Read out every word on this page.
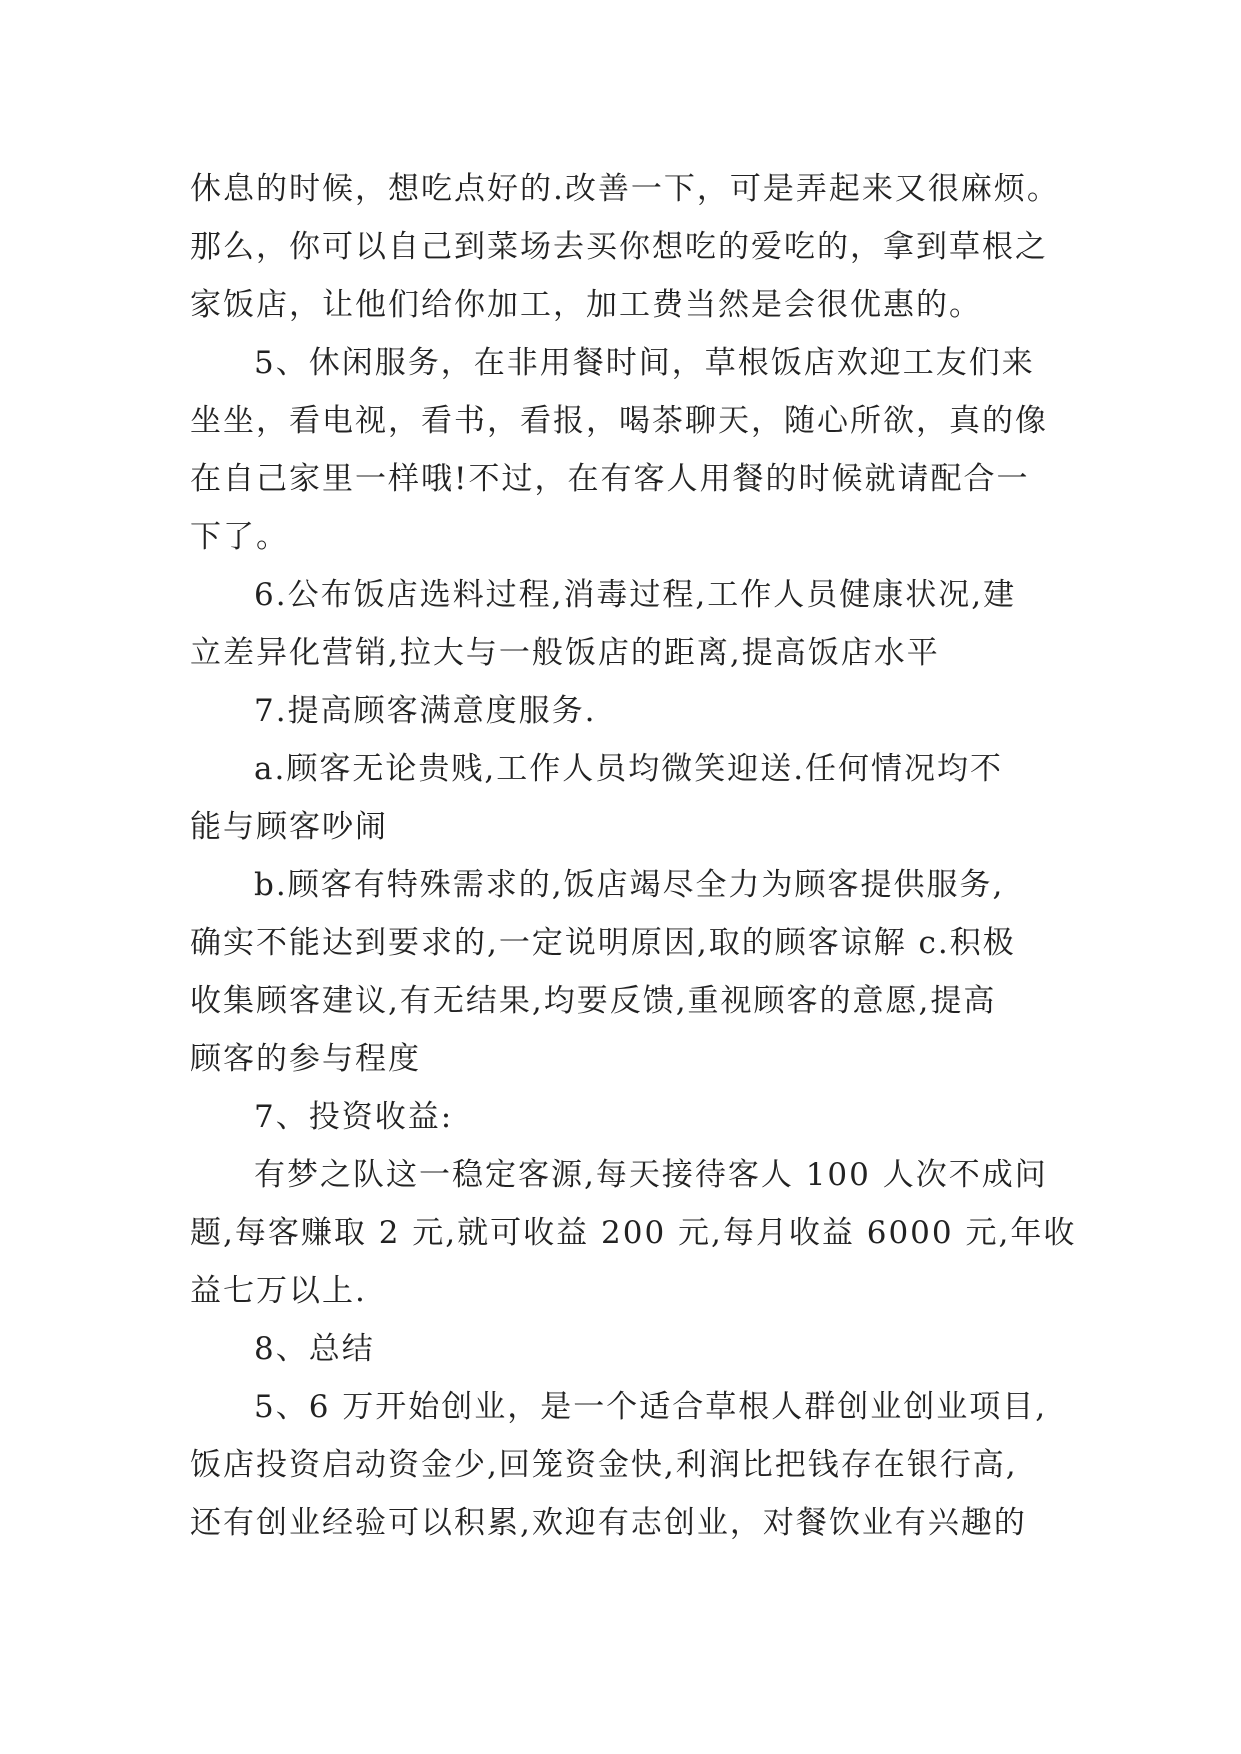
休息的时候，想吃点好的.改善一下，可是弄起来又很麻烦。
那么，你可以自己到菜场去买你想吃的爱吃的，拿到草根之
家饭店，让他们给你加工，加工费当然是会很优惠的。
5、休闲服务，在非用餐时间，草根饭店欢迎工友们来
坐坐，看电视，看书，看报，喝茶聊天，随心所欲，真的像
在自己家里一样哦!不过，在有客人用餐的时候就请配合一
下了。
6.公布饭店选料过程,消毒过程,工作人员健康状况,建
立差异化营销,拉大与一般饭店的距离,提高饭店水平
7.提高顾客满意度服务.
a.顾客无论贵贱,工作人员均微笑迎送.任何情况均不
能与顾客吵闹
b.顾客有特殊需求的,饭店竭尽全力为顾客提供服务,
确实不能达到要求的,一定说明原因,取的顾客谅解 c.积极
收集顾客建议,有无结果,均要反馈,重视顾客的意愿,提高
顾客的参与程度
7、投资收益:
有梦之队这一稳定客源,每天接待客人 100 人次不成问
题,每客赚取 2 元,就可收益 200 元,每月收益 6000 元,年收
益七万以上.
8、总结
5、6 万开始创业，是一个适合草根人群创业创业项目,
饭店投资启动资金少,回笼资金快,利润比把钱存在银行高,
还有创业经验可以积累,欢迎有志创业，对餐饮业有兴趣的
